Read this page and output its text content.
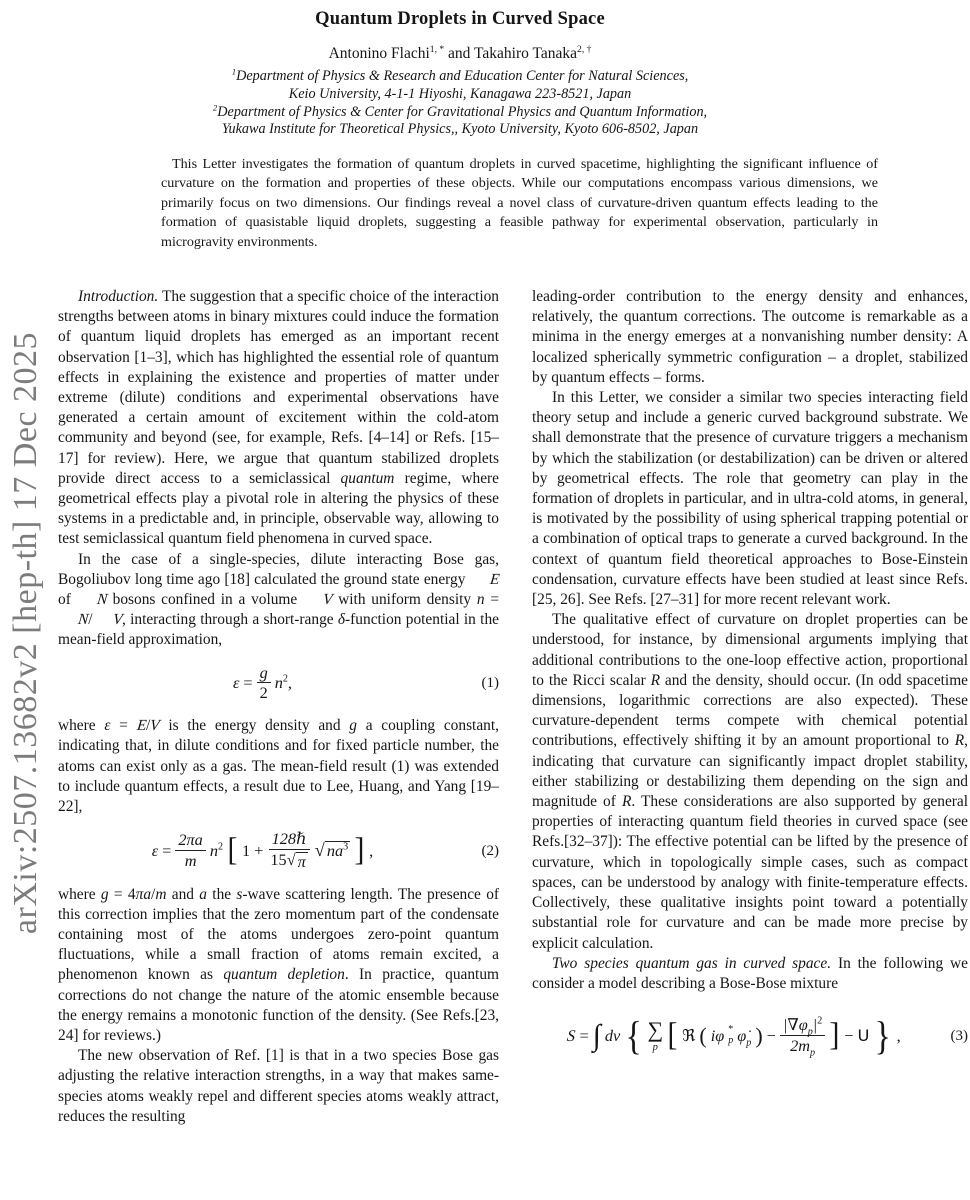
arXiv:2507.13682v2 [hep-th] 17 Dec 2025
Quantum Droplets in Curved Space
Antonino Flachi$^{1, *}$ and Takahiro Tanaka$^{2, \dagger}$
$^1$Department of Physics & Research and Education Center for Natural Sciences,
Keio University, 4-1-1 Hiyoshi, Kanagawa 223-8521, Japan
$^2$Department of Physics & Center for Gravitational Physics and Quantum Information,
Yukawa Institute for Theoretical Physics,, Kyoto University, Kyoto 606-8502, Japan
This Letter investigates the formation of quantum droplets in curved spacetime, highlighting the significant influence of curvature on the formation and properties of these objects. While our computations encompass various dimensions, we primarily focus on two dimensions. Our findings reveal a novel class of curvature-driven quantum effects leading to the formation of quasistable liquid droplets, suggesting a feasible pathway for experimental observation, particularly in microgravity environments.

Introduction. The suggestion that a specific choice of the interaction strengths between atoms in binary mixtures could induce the formation of quantum liquid droplets has emerged as an important recent observation [1–3], which has highlighted the essential role of quantum effects in explaining the existence and properties of matter under extreme (dilute) conditions and experimental observations have generated a certain amount of excitement within the cold-atom community and beyond (see, for example, Refs. [4–14] or Refs. [15–17] for review). Here, we argue that quantum stabilized droplets provide direct access to a semiclassical quantum regime, where geometrical effects play a pivotal role in altering the physics of these systems in a predictable and, in principle, observable way, allowing to test semiclassical quantum field phenomena in curved space.

In the case of a single-species, dilute interacting Bose gas, Bogoliubov long time ago [18] calculated the ground state energy E of N bosons confined in a volume V with uniform density n = N/ V, interacting through a short-range δ-function potential in the mean-field approximation,

$\varepsilon = \frac{g}{2} n^2$,	(1)

where ε = E/V is the energy density and g a coupling constant, indicating that, in dilute conditions and for fixed particle number, the atoms can exist only as a gas. The mean-field result (1) was extended to include quantum effects, a result due to Lee, Huang, and Yang [19–22],

$\varepsilon = \frac{2\pi a}{m} n^2$ [ $1 + \frac{\text{128ℏ}}{15 √ \pi}$ √ $na^3$ ] ,	(2)

where g = 4πa/m and a the s-wave scattering length. The presence of this correction implies that the zero momentum part of the condensate containing most of the atoms undergoes zero-point quantum fluctuations, while a small fraction of atoms remain excited, a phenomenon known as quantum depletion. In practice, quantum corrections do not change the nature of the atomic ensemble because the energy remains a monotonic function of the density. (See Refs.[23, 24] for reviews.)

The new observation of Ref. [1] is that in a two species Bose gas adjusting the relative interaction strengths, in a way that makes same-species atoms weakly repel and different species atoms weakly attract, reduces the resulting

leading-order contribution to the energy density and enhances, relatively, the quantum corrections. The outcome is remarkable as a minima in the energy emerges at a nonvanishing number density: A localized spherically symmetric configuration – a droplet, stabilized by quantum effects – forms.

In this Letter, we consider a similar two species interacting field theory setup and include a generic curved background substrate. We shall demonstrate that the presence of curvature triggers a mechanism by which the stabilization (or destabilization) can be driven or altered by geometrical effects. The role that geometry can play in the formation of droplets in particular, and in ultra-cold atoms, in general, is motivated by the possibility of using spherical trapping potential or a combination of optical traps to generate a curved background. In the context of quantum field theoretical approaches to Bose-Einstein condensation, curvature effects have been studied at least since Refs. [25, 26]. See Refs. [27–31] for more recent relevant work.

The qualitative effect of curvature on droplet properties can be understood, for instance, by dimensional arguments implying that additional contributions to the one-loop effective action, proportional to the Ricci scalar R and the density, should occur. (In odd spacetime dimensions, logarithmic corrections are also expected). These curvature-dependent terms compete with chemical potential contributions, effectively shifting it by an amount proportional to R, indicating that curvature can significantly impact droplet stability, either stabilizing or destabilizing them depending on the sign and magnitude of R. These considerations are also supported by general properties of interacting quantum field theories in curved space (see Refs.[32–37]): The effective potential can be lifted by the presence of curvature, which in topologically simple cases, such as compact spaces, can be understood by analogy with finite-temperature effects. Collectively, these qualitative insights point toward a potentially substantial role for curvature and can be made more precise by explicit calculation.

Two species quantum gas in curved space. In the following we consider a model describing a Bose-Bose mixture

S = ∫ dv { ∑
p [ ℜ ( iφ *
p $\varphi̇_p$ ) − $\frac{|\nabla\varphi_p|^2}{2m_p}$ ] − U } ,	(3)
